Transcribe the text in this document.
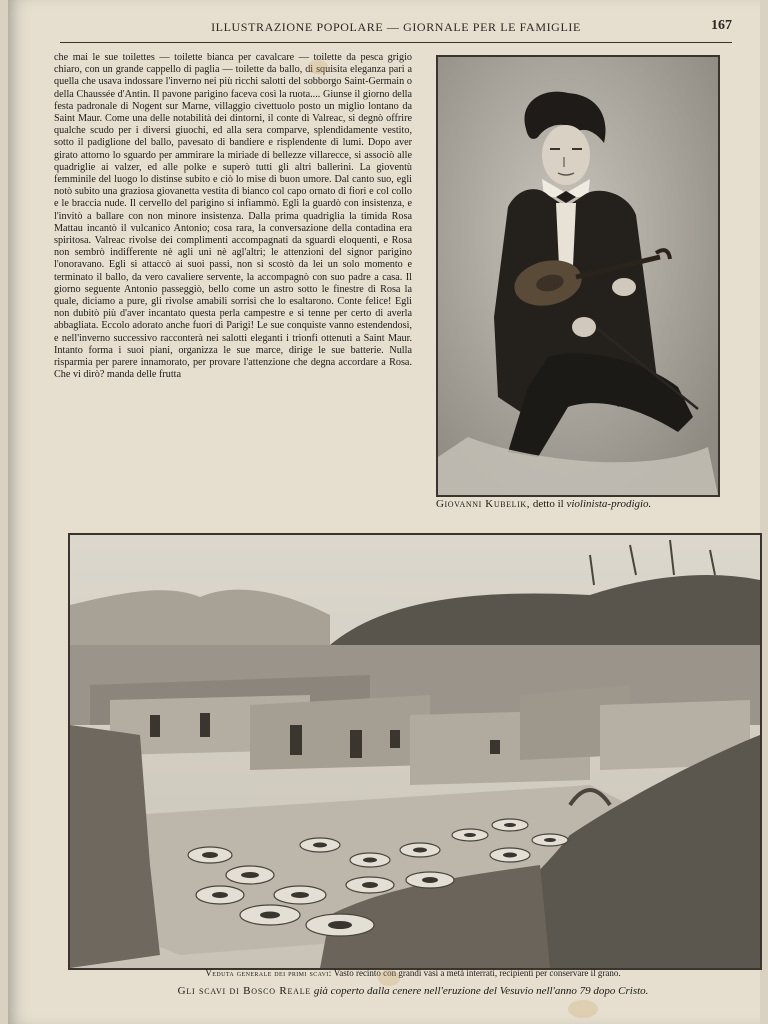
ILLUSTRAZIONE POPOLARE — GIORNALE PER LE FAMIGLIE	167

che mai le sue toilettes — toilette bianca per cavalcare — toilette da pesca grigio chiaro, con un grande cappello di paglia — toilette da ballo, di squisita eleganza pari a quella che usava indossare l'inverno nei più ricchi salotti del sobborgo Saint-Germain o della Chaussée d'Antin. Il pavone parigino faceva così la ruota.... Giunse il giorno della festa padronale di Nogent sur Marne, villaggio civettuolo posto un miglio lontano da Saint Maur. Come una delle notabilità dei dintorni, il conte di Valreac, si degnò offrire qualche scudo per i diversi giuochi, ed alla sera comparve, splendidamente vestito, sotto il padiglione del ballo, pavesato di bandiere e risplendente di lumi. Dopo aver girato attorno lo sguardo per ammirare la miriade di bellezze villarecce, si associò alle quadriglie ai valzer, ed alle polke e superò tutti gli altri ballerini. La gioventù femminile del luogo lo distinse subito e ciò lo mise di buon umore. Dal canto suo, egli notò subito una graziosa giovanetta vestita di bianco col capo ornato di fiori e col collo e le braccia nude. Il cervello del parigino si infiammò. Egli la guardò con insistenza, e l'invitò a ballare con non minore insistenza. Dalla prima quadriglia la timida Rosa Mattau incantò il vulcanico Antonio; cosa rara, la conversazione della contadina era spiritosa. Valreac rivolse dei complimenti accompagnati da sguardi eloquenti, e Rosa non sembrò indifferente nè agli uni nè agl'altri; le attenzioni del signor parigino l'onoravano. Egli si attaccò ai suoi passi, non si scostò da lei un solo momento e terminato il ballo, da vero cavaliere servente, la accompagnò con suo padre a casa. Il giorno seguente Antonio passeggiò, bello come un astro sotto le finestre di Rosa la quale, diciamo a pure, gli rivolse amabili sorrisi che lo esaltarono. Conte felice! Egli non dubitò più d'aver incantato questa perla campestre e si tenne per certo di averla abbagliata. Eccolo adorato anche fuori di Parigi! Le sue conquiste vanno estendendosi, e nell'inverno successivo racconterà nei salotti eleganti i trionfi ottenuti a Saint Maur. Intanto forma i suoi piani, organizza le sue marce, dirige le sue batterie. Nulla risparmia per parere innamorato, per provare l'attenzione che degna accordare a Rosa. Che vi dirò? manda delle frutta

Giovanni Kubelik, detto il violinista-prodigio.
Veduta generale dei primi scavi: Vasto recinto con grandi vasi a metà interrati, recipienti per conservare il grano.
Gli scavi di Bosco Reale già coperto dalla cenere nell'eruzione del Vesuvio nell'anno 79 dopo Cristo.
